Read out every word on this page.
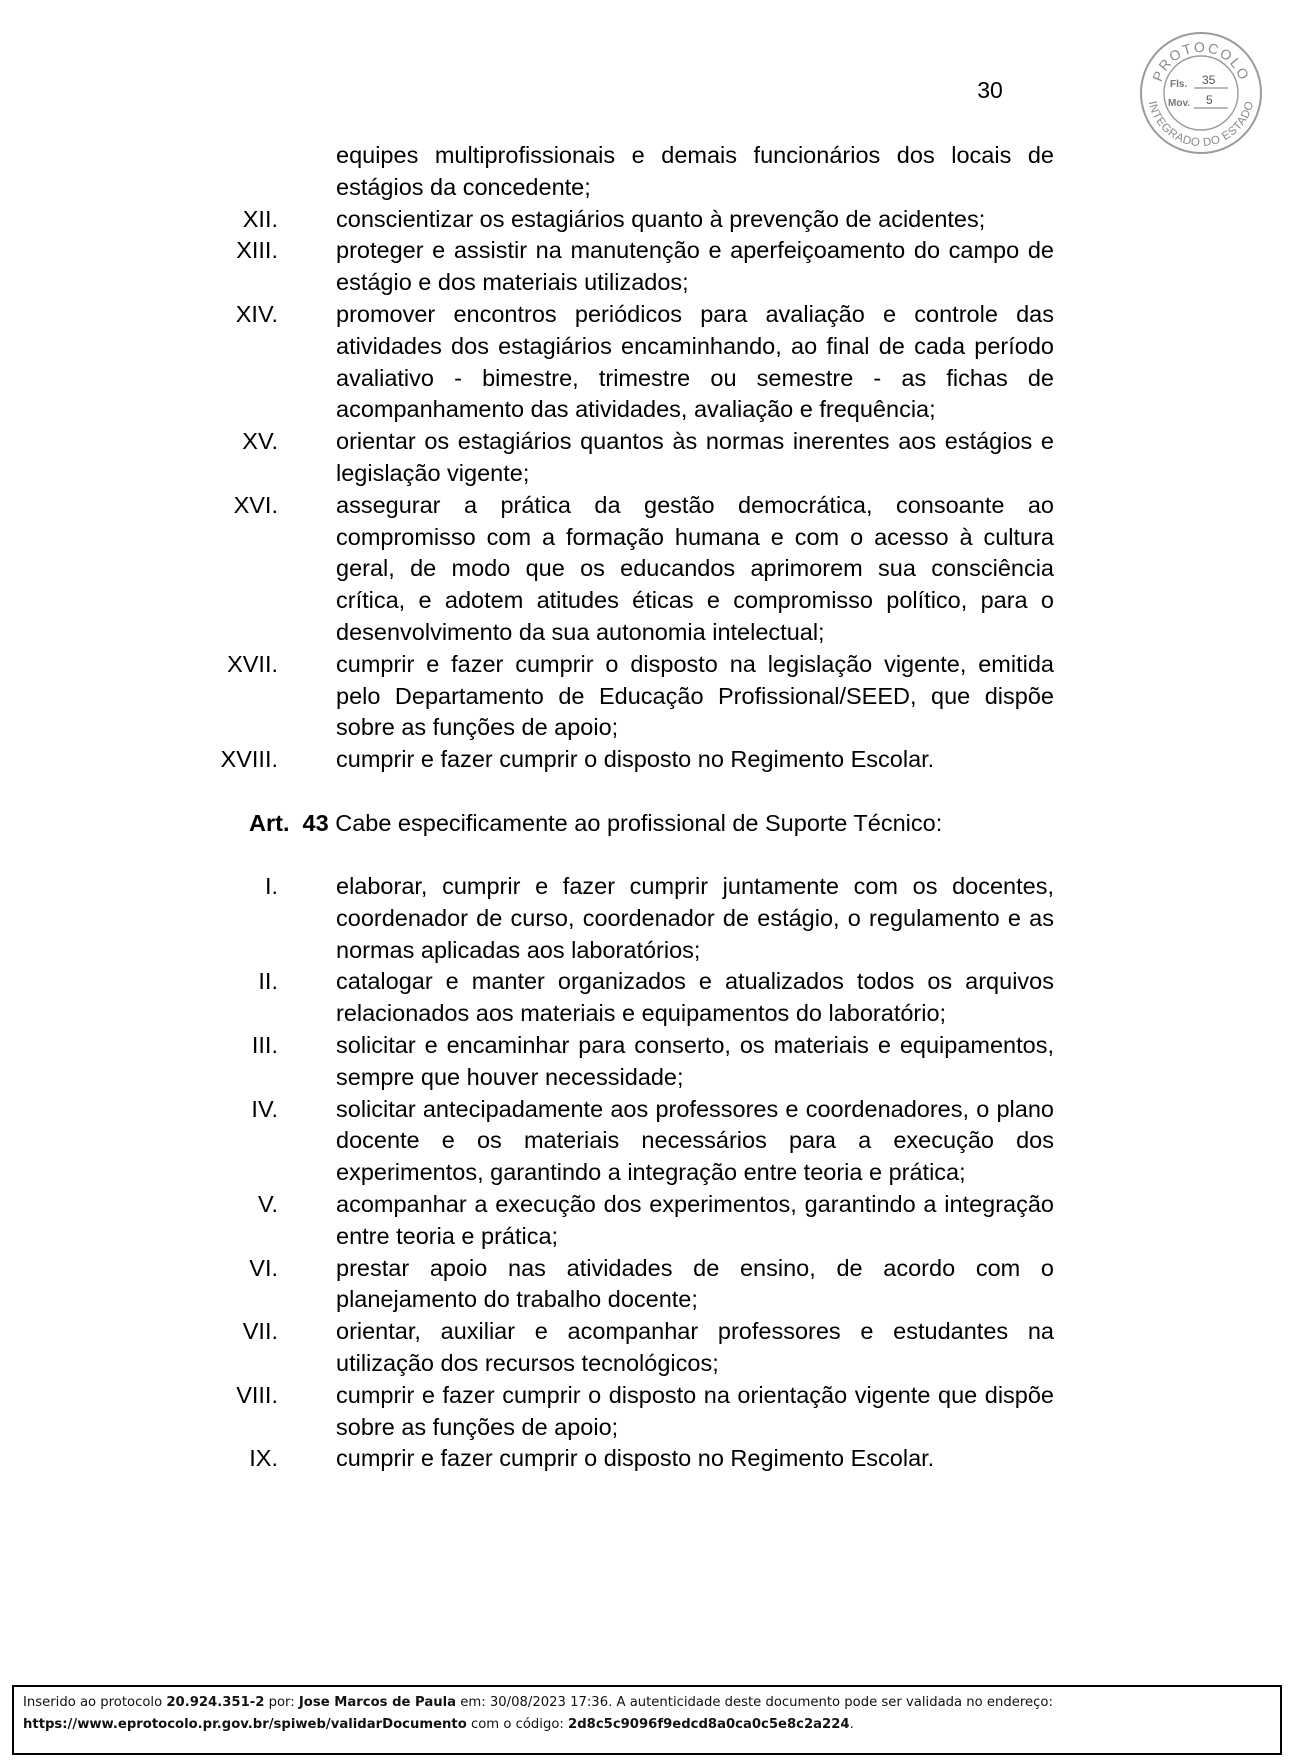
30
PROTOCOLO
INTEGRADO DO ESTADO
Fls. 35
Mov. 5
equipes multiprofissionais e demais funcionários dos locais de estágios da concedente;
XII. conscientizar os estagiários quanto à prevenção de acidentes;
XIII. proteger e assistir na manutenção e aperfeiçoamento do campo de estágio e dos materiais utilizados;
XIV. promover encontros periódicos para avaliação e controle das atividades dos estagiários encaminhando, ao final de cada período avaliativo - bimestre, trimestre ou semestre - as fichas de acompanhamento das atividades, avaliação e frequência;
XV. orientar os estagiários quantos às normas inerentes aos estágios e legislação vigente;
XVI. assegurar a prática da gestão democrática, consoante ao compromisso com a formação humana e com o acesso à cultura geral, de modo que os educandos aprimorem sua consciência crítica, e adotem atitudes éticas e compromisso político, para o desenvolvimento da sua autonomia intelectual;
XVII. cumprir e fazer cumprir o disposto na legislação vigente, emitida pelo Departamento de Educação Profissional/SEED, que dispõe sobre as funções de apoio;
XVIII. cumprir e fazer cumprir o disposto no Regimento Escolar.
Art. 43 Cabe especificamente ao profissional de Suporte Técnico:
I. elaborar, cumprir e fazer cumprir juntamente com os docentes, coordenador de curso, coordenador de estágio, o regulamento e as normas aplicadas aos laboratórios;
II. catalogar e manter organizados e atualizados todos os arquivos relacionados aos materiais e equipamentos do laboratório;
III. solicitar e encaminhar para conserto, os materiais e equipamentos, sempre que houver necessidade;
IV. solicitar antecipadamente aos professores e coordenadores, o plano docente e os materiais necessários para a execução dos experimentos, garantindo a integração entre teoria e prática;
V. acompanhar a execução dos experimentos, garantindo a integração entre teoria e prática;
VI. prestar apoio nas atividades de ensino, de acordo com o planejamento do trabalho docente;
VII. orientar, auxiliar e acompanhar professores e estudantes na utilização dos recursos tecnológicos;
VIII. cumprir e fazer cumprir o disposto na orientação vigente que dispõe sobre as funções de apoio;
IX. cumprir e fazer cumprir o disposto no Regimento Escolar.
Inserido ao protocolo 20.924.351-2 por: Jose Marcos de Paula em: 30/08/2023 17:36. A autenticidade deste documento pode ser validada no endereço:
https://www.eprotocolo.pr.gov.br/spiweb/validarDocumento com o código: 2d8c5c9096f9edcd8a0ca0c5e8c2a224.
